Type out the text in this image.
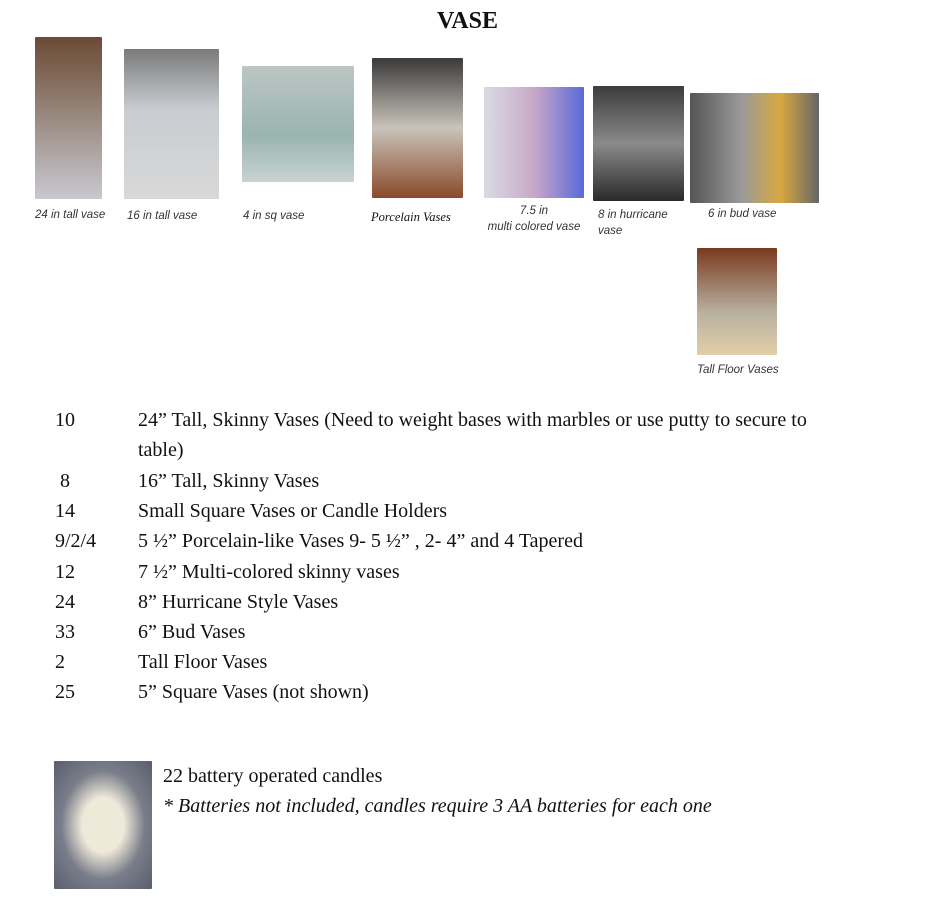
VASE
24 in tall vase 16 in tall vase	4 in sq vase	Porcelain Vases	7.5 in
multi colored vase
8 in hurricane
vase
6 in bud vase
Tall Floor Vases
10	24” Tall, Skinny Vases (Need to weight bases with marbles or use putty to secure to table)
8	16” Tall, Skinny Vases
14	Small Square Vases or Candle Holders
9/2/4	5 ½” Porcelain-like Vases 9- 5 ½” , 2- 4” and 4 Tapered
12	7 ½” Multi-colored skinny vases
24	8” Hurricane Style Vases
33	6” Bud Vases
2	Tall Floor Vases
25	5” Square Vases (not shown)
22 battery operated candles
* Batteries not included, candles require 3 AA batteries for each one
